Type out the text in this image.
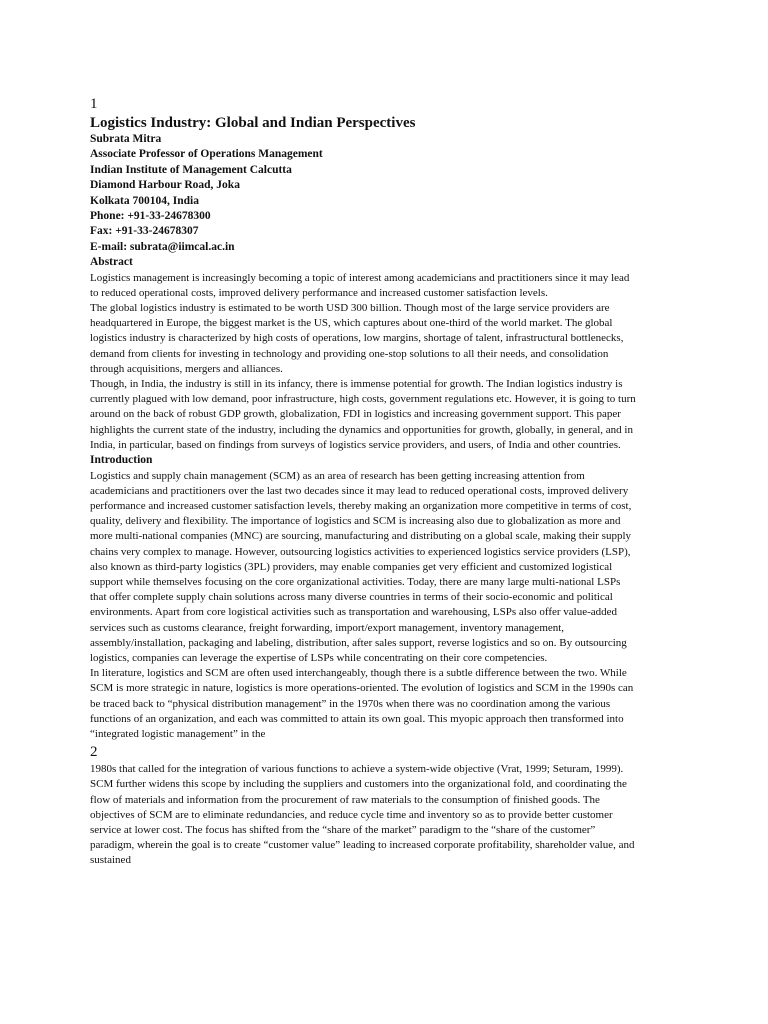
1
Logistics Industry: Global and Indian Perspectives

Subrata Mitra

Associate Professor of Operations Management

Indian Institute of Management Calcutta

Diamond Harbour Road, Joka

Kolkata 700104, India

Phone: +91-33-24678300

Fax: +91-33-24678307

E-mail: subrata@iimcal.ac.in

Abstract

Logistics management is increasingly becoming a topic of interest among academicians and practitioners since it may lead to reduced operational costs, improved delivery performance and increased customer satisfaction levels.

The global logistics industry is estimated to be worth USD 300 billion. Though most of the large service providers are headquartered in Europe, the biggest market is the US, which captures about one-third of the world market. The global logistics industry is characterized by high costs of operations, low margins, shortage of talent, infrastructural bottlenecks, demand from clients for investing in technology and providing one-stop solutions to all their needs, and consolidation through acquisitions, mergers and alliances.

Though, in India, the industry is still in its infancy, there is immense potential for growth. The Indian logistics industry is currently plagued with low demand, poor infrastructure, high costs, government regulations etc. However, it is going to turn around on the back of robust GDP growth, globalization, FDI in logistics and increasing government support. This paper highlights the current state of the industry, including the dynamics and opportunities for growth, globally, in general, and in India, in particular, based on findings from surveys of logistics service providers, and users, of India and other countries.

Introduction

Logistics and supply chain management (SCM) as an area of research has been getting increasing attention from academicians and practitioners over the last two decades since it may lead to reduced operational costs, improved delivery performance and increased customer satisfaction levels, thereby making an organization more competitive in terms of cost, quality, delivery and flexibility. The importance of logistics and SCM is increasing also due to globalization as more and more multi-national companies (MNC) are sourcing, manufacturing and distributing on a global scale, making their supply chains very complex to manage. However, outsourcing logistics activities to experienced logistics service providers (LSP), also known as third-party logistics (3PL) providers, may enable companies get very efficient and customized logistical support while themselves focusing on the core organizational activities. Today, there are many large multi-national LSPs that offer complete supply chain solutions across many diverse countries in terms of their socio-economic and political environments. Apart from core logistical activities such as transportation and warehousing, LSPs also offer value-added services such as customs clearance, freight forwarding, import/export management, inventory management, assembly/installation, packaging and labeling, distribution, after sales support, reverse logistics and so on. By outsourcing logistics, companies can leverage the expertise of LSPs while concentrating on their core competencies.

In literature, logistics and SCM are often used interchangeably, though there is a subtle difference between the two. While SCM is more strategic in nature, logistics is more operations-oriented. The evolution of logistics and SCM in the 1990s can be traced back to “physical distribution management” in the 1970s when there was no coordination among the various functions of an organization, and each was committed to attain its own goal. This myopic approach then transformed into “integrated logistic management” in the

2

1980s that called for the integration of various functions to achieve a system-wide objective (Vrat, 1999; Seturam, 1999). SCM further widens this scope by including the suppliers and customers into the organizational fold, and coordinating the flow of materials and information from the procurement of raw materials to the consumption of finished goods. The objectives of SCM are to eliminate redundancies, and reduce cycle time and inventory so as to provide better customer service at lower cost. The focus has shifted from the “share of the market” paradigm to the “share of the customer” paradigm, wherein the goal is to create “customer value” leading to increased corporate profitability, shareholder value, and sustained
